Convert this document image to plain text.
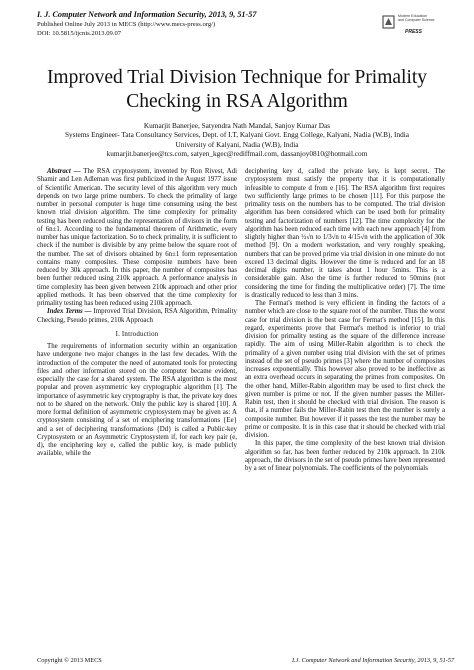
I. J. Computer Network and Information Security, 2013, 9, 51-57
Published Online July 2013 in MECS (http://www.mecs-press.org/)
DOI: 10.5815/ijcnis.2013.09.07
Modern Education
and Computer Science
PRESS
Improved Trial Division Technique for Primality
Checking in RSA Algorithm
Kumarjit Banerjee, Satyendra Nath Mandal, Sanjoy Kumar Das
Systems Engineer- Tata Consultancy Services, Dept. of I.T, Kalyani Govt. Engg College, Kalyani, Nadia (W.B), India
University of Kalyani, Nadia (W.B), India
kumarjit.banerjee@tcs.com, satyen_kgec@rediffmail.com, dassanjoy0810@hotmail.com

Abstract — The RSA cryptosystem, invented by Ron Rivest, Adi Shamir and Len Adleman was first publicized in the August 1977 issue of Scientific American. The security level of this algorithm very much depends on two large prime numbers. To check the primality of large number in personal computer is huge time consuming using the best known trial division algorithm. The time complexity for primality testing has been reduced using the representation of divisors in the form of 6n±1. According to the fundamental theorem of Arithmetic, every number has unique factorization. So to check primality, it is sufficient to check if the number is divisible by any prime below the square root of the number. The set of divisors obtained by 6n±1 form representation contains many composites. These composite numbers have been reduced by 30k approach. In this paper, the number of composites has been further reduced using 210k approach. A performance analysis in time complexity has been given between 210k approach and other prior applied methods. It has been observed that the time complexity for primality testing has been reduced using 210k approach.

Index Terms — Improved Trial Division, RSA Algorithm, Primality Checking, Pseudo primes, 210k Approach

I. Introduction

The requirements of information security within an organization have undergone two major changes in the last few decades. With the introduction of the computer the need of automated tools for protecting files and other information stored on the computer became evident, especially the case for a shared system. The RSA algorithm is the most popular and proven asymmetric key cryptographic algorithm [1]. The importance of asymmetric key cryptography is that, the private key does not to be shared on the network. Only the public key is shared [10]. A more formal definition of asymmetric cryptosystem may be given as: A cryptosystem consisting of a set of enciphering transformations {Ee} and a set of deciphering transformations {Dd} is called a Public-key Cryptosystem or an Asymmetric Cryptosystem if, for each key pair (e, d), the enciphering key e, called the public key, is made publicly available, while the

deciphering key d, called the private key, is kept secret. The cryptosystem must satisfy the property that it is computationally infeasible to compute d from e [16]. The RSA algorithm first requires two sufficiently large primes to be chosen [11]. For this purpose the primality tests on the numbers has to be computed. The trial division algorithm has been considered which can be used both for primality testing and factorization of numbers [12]. The time complexity for the algorithm has been reduced each time with each new approach [4] from slightly higher than ½√n to 1/3√n to 4/15√n with the application of 30k method [9]. On a modern workstation, and very roughly speaking, numbers that can be proved prime via trial division in one minute do not exceed 13 decimal digits. However the time is reduced and for an 18 decimal digits number, it takes about 1 hour 5mins. This is a considerable gain. Also the time is further reduced to 50mins (not considering the time for finding the multiplicative order) [7]. The time is drastically reduced to less than 3 mins.

The Fermat's method is very efficient in finding the factors of a number which are close to the square root of the number. Thus the worst case for trial division is the best case for Fermat's method [15]. In this regard, experiments prove that Fermat's method is inferior to trial division for primality testing as the square of the difference increase rapidly. The aim of using Miller-Rabin algorithm is to check the primality of a given number using trial division with the set of primes instead of the set of pseudo primes [3] where the number of composites increases exponentially. This however also proved to be ineffective as an extra overhead occurs in separating the primes from composites. On the other hand, Miller-Rabin algorithm may be used to first check the given number is prime or not. If the given number passes the Miller-Rabin test, then it should be checked with trial division. The reason is that, if a number fails the Miller-Rabin test then the number is surely a composite number. But however if it passes the test the number may be prime or composite. It is in this case that it should be checked with trial division.

In this paper, the time complexity of the best known trial division algorithm so far, has been further reduced by 210k approach. In 210k approach, the divisors in the set of pseudo primes have been represented by a set of linear polynomials. The coefficients of the polynomials

Copyright © 2013 MECS	I.J. Computer Network and Information Security, 2013, 9, 51-57
